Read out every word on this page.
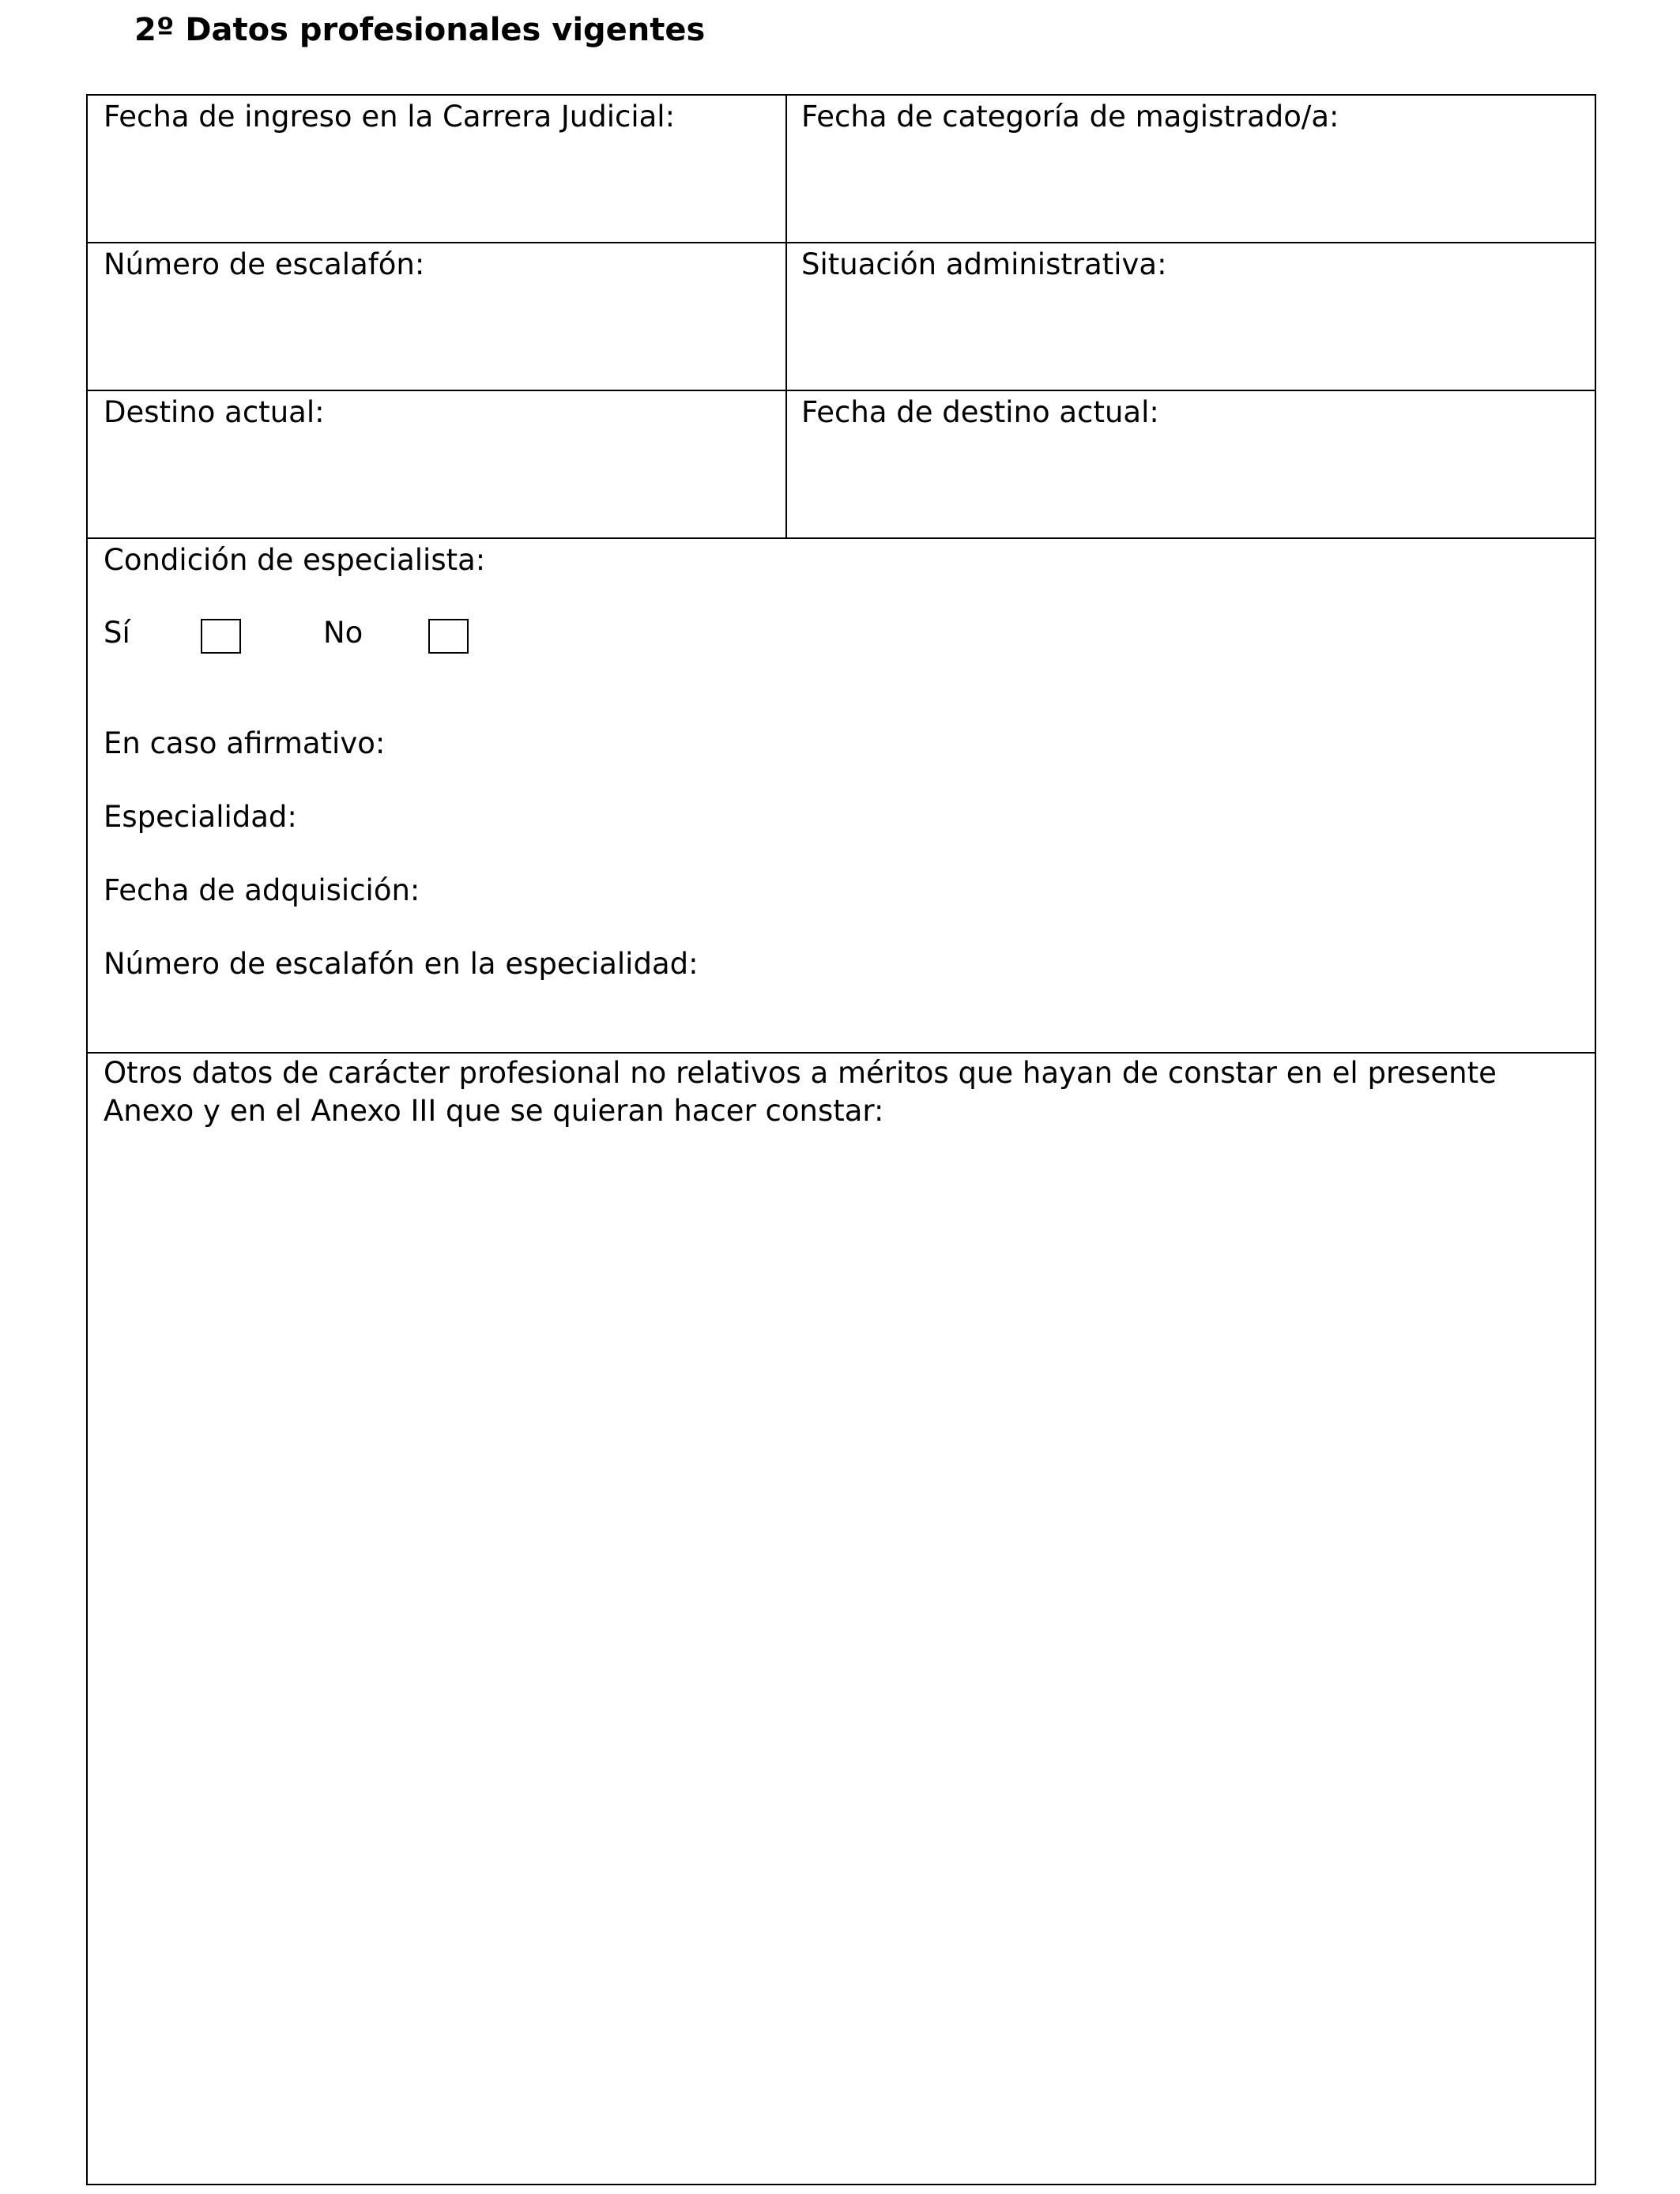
2º Datos profesionales vigentes
Fecha de ingreso en la Carrera Judicial:	Fecha de categoría de magistrado/a:
Número de escalafón:	Situación administrativa:
Destino actual:	Fecha de destino actual:
Condición de especialista:
Sí	No
En caso afirmativo:
Especialidad:
Fecha de adquisición:
Número de escalafón en la especialidad:

Otros datos de carácter profesional no relativos a méritos que hayan de constar en el presente Anexo y en el Anexo III que se quieran hacer constar:
